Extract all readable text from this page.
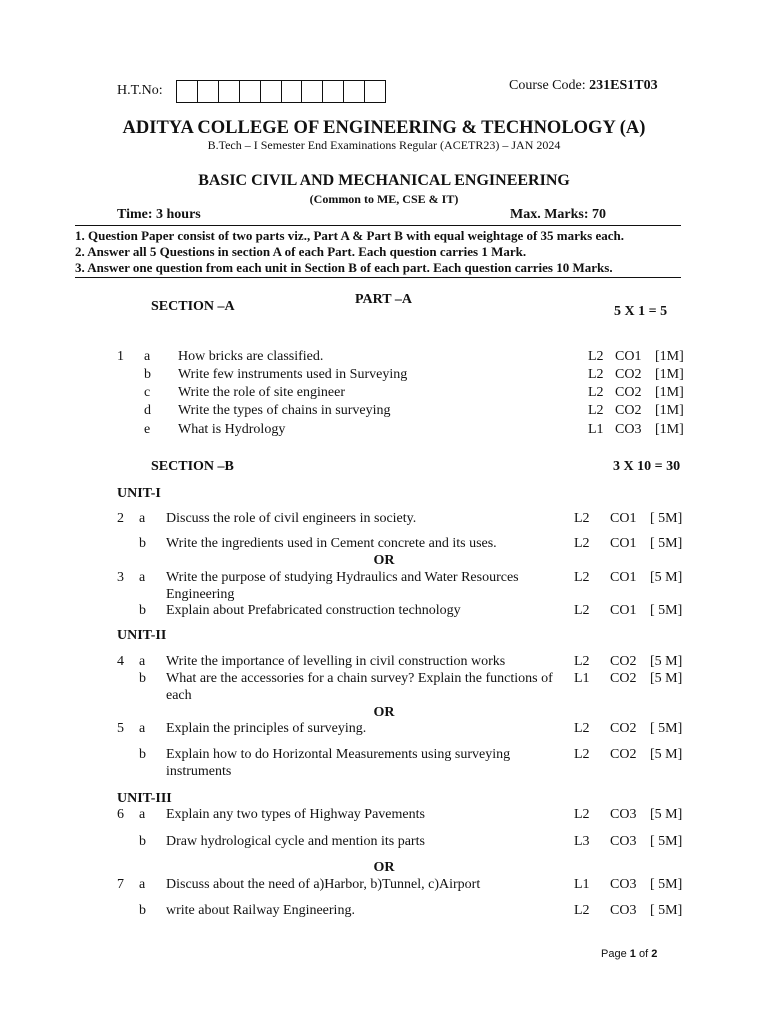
H.T.No:	Course Code: 231ES1T03
ADITYA COLLEGE OF ENGINEERING & TECHNOLOGY (A)
B.Tech – I Semester End Examinations Regular (ACETR23) – JAN 2024
BASIC CIVIL AND MECHANICAL ENGINEERING
(Common to ME, CSE & IT)
Time: 3 hours	Max. Marks: 70
1. Question Paper consist of two parts viz., Part A & Part B with equal weightage of 35 marks each.
2. Answer all 5 Questions in section A of each Part. Each question carries 1 Mark.
3. Answer one question from each unit in Section B of each part. Each question carries 10 Marks.
PART –A
SECTION –A	5 X 1 = 5
1 a How bricks are classified.	L2 CO1 [1M]
b Write few instruments used in Surveying	L2 CO2 [1M]
c Write the role of site engineer	L2 CO2 [1M]
d Write the types of chains in surveying	L2 CO2 [1M]
e What is Hydrology	L1 CO3 [1M]
SECTION –B	3 X 10 = 30
UNIT-I
2 a Discuss the role of civil engineers in society.	L2 CO1 [ 5M]
b Write the ingredients used in Cement concrete and its uses.	L2 CO1 [ 5M]
OR
3 a Write the purpose of studying Hydraulics and Water Resources
Engineering
L2 CO1 [5 M]
b Explain about Prefabricated construction technology	L2 CO1 [ 5M]
UNIT-II
4 a Write the importance of levelling in civil construction works	L2 CO2 [5 M]
b What are the accessories for a chain survey? Explain the functions of
each
L1 CO2 [5 M]
OR
5 a Explain the principles of surveying.	L2 CO2 [ 5M]
b Explain how to do Horizontal Measurements using surveying
instruments
L2 CO2 [5 M]
UNIT-III
6 a Explain any two types of Highway Pavements	L2 CO3 [5 M]
b Draw hydrological cycle and mention its parts	L3 CO3 [ 5M]
OR
7 a Discuss about the need of a)Harbor, b)Tunnel, c)Airport	L1 CO3 [ 5M]
b write about Railway Engineering.	L2 CO3 [ 5M]
Page 1 of 2
